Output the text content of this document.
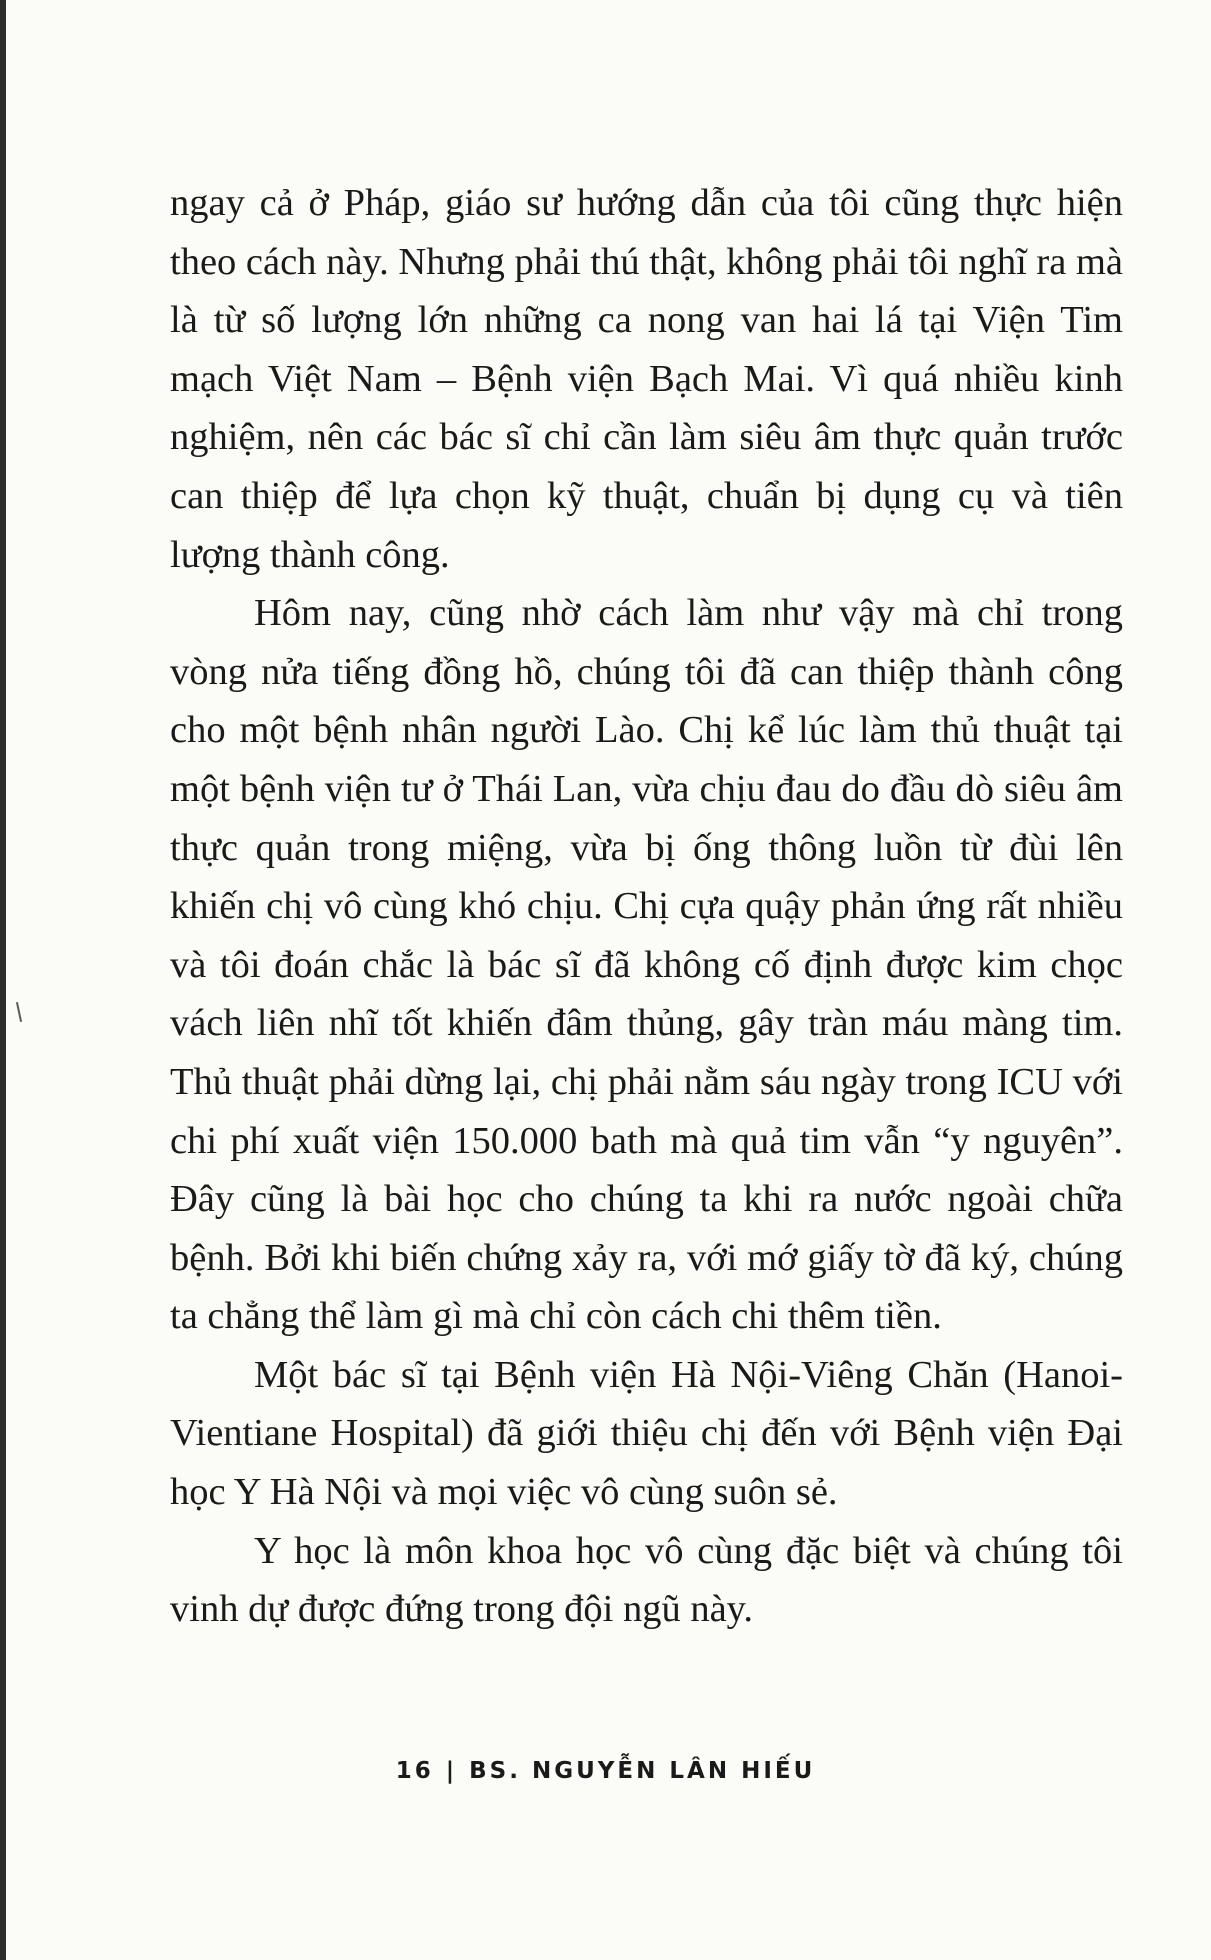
ngay cả ở Pháp, giáo sư hướng dẫn của tôi cũng thực hiện theo cách này. Nhưng phải thú thật, không phải tôi nghĩ ra mà là từ số lượng lớn những ca nong van hai lá tại Viện Tim mạch Việt Nam – Bệnh viện Bạch Mai. Vì quá nhiều kinh nghiệm, nên các bác sĩ chỉ cần làm siêu âm thực quản trước can thiệp để lựa chọn kỹ thuật, chuẩn bị dụng cụ và tiên lượng thành công.

Hôm nay, cũng nhờ cách làm như vậy mà chỉ trong vòng nửa tiếng đồng hồ, chúng tôi đã can thiệp thành công cho một bệnh nhân người Lào. Chị kể lúc làm thủ thuật tại một bệnh viện tư ở Thái Lan, vừa chịu đau do đầu dò siêu âm thực quản trong miệng, vừa bị ống thông luồn từ đùi lên khiến chị vô cùng khó chịu. Chị cựa quậy phản ứng rất nhiều và tôi đoán chắc là bác sĩ đã không cố định được kim chọc vách liên nhĩ tốt khiến đâm thủng, gây tràn máu màng tim. Thủ thuật phải dừng lại, chị phải nằm sáu ngày trong ICU với chi phí xuất viện 150.000 bath mà quả tim vẫn “y nguyên”. Đây cũng là bài học cho chúng ta khi ra nước ngoài chữa bệnh. Bởi khi biến chứng xảy ra, với mớ giấy tờ đã ký, chúng ta chẳng thể làm gì mà chỉ còn cách chi thêm tiền.

Một bác sĩ tại Bệnh viện Hà Nội-Viêng Chăn (Hanoi-Vientiane Hospital) đã giới thiệu chị đến với Bệnh viện Đại học Y Hà Nội và mọi việc vô cùng suôn sẻ.

Y học là môn khoa học vô cùng đặc biệt và chúng tôi vinh dự được đứng trong đội ngũ này.

16 | BS. NGUYỄN LÂN HIẾU
